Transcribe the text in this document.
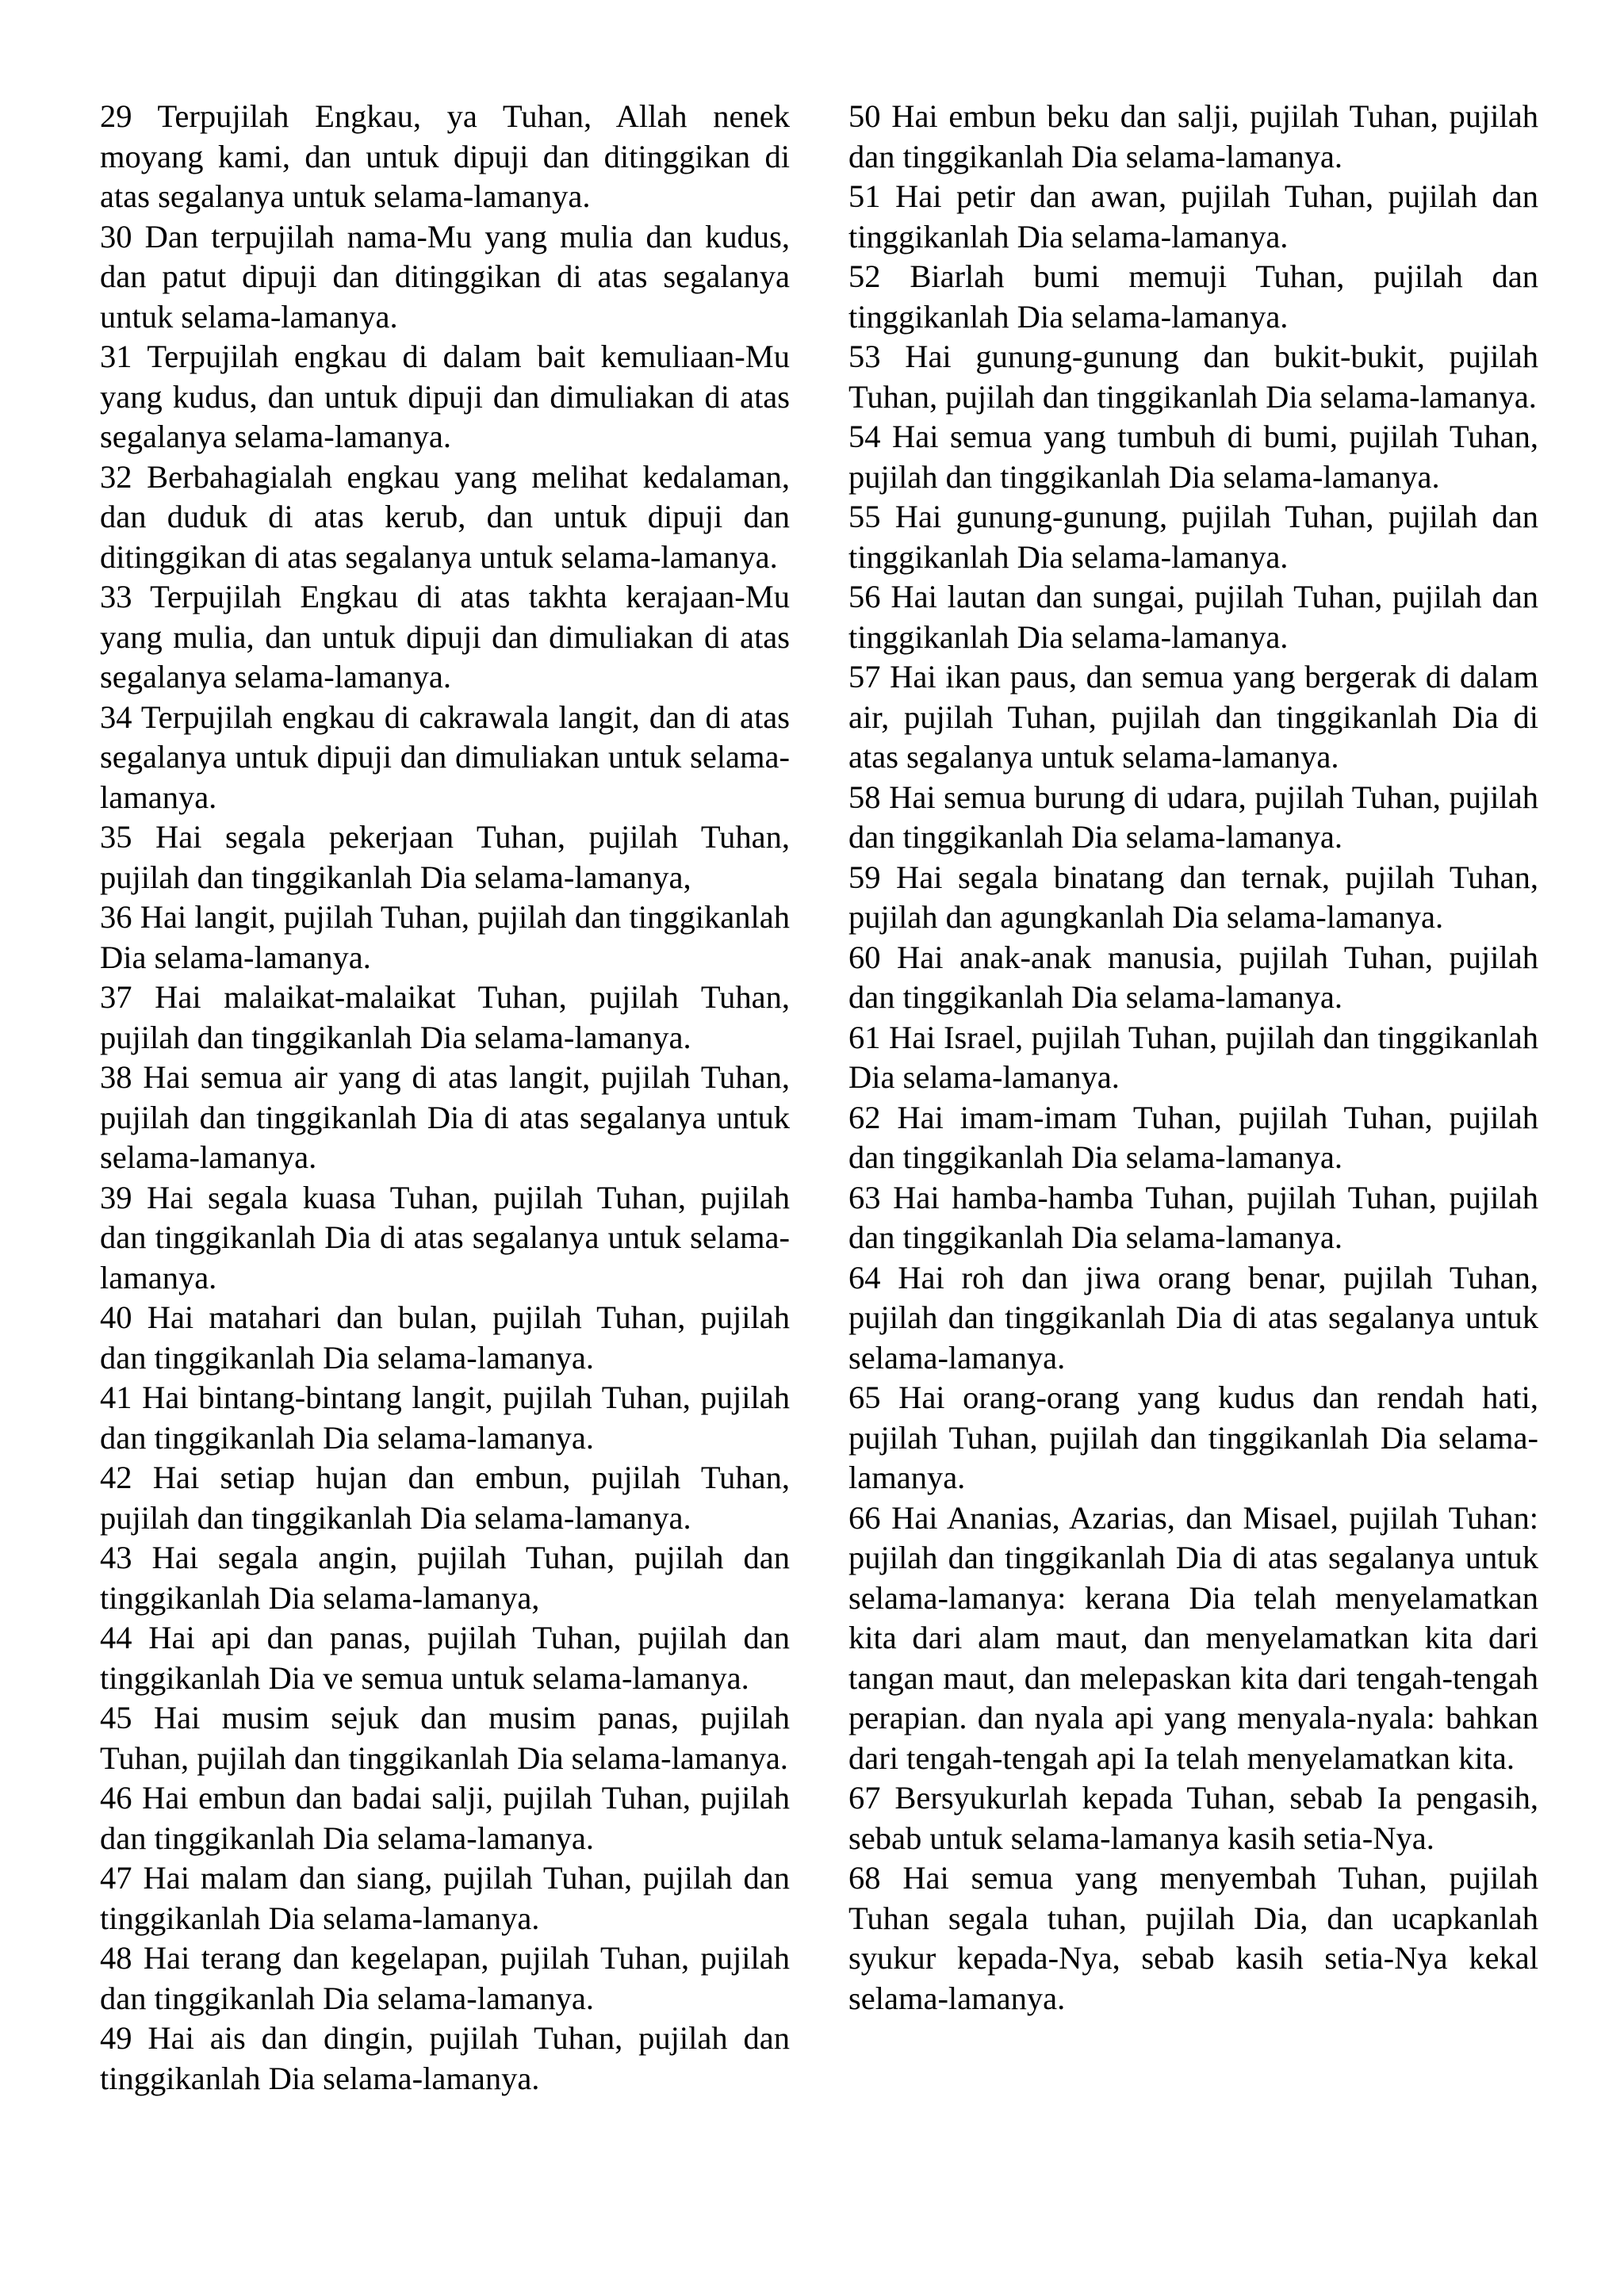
29 Terpujilah Engkau, ya Tuhan, Allah nenek moyang kami, dan untuk dipuji dan ditinggikan di atas segalanya untuk selama-lamanya.

30 Dan terpujilah nama-Mu yang mulia dan kudus, dan patut dipuji dan ditinggikan di atas segalanya untuk selama-lamanya.

31 Terpujilah engkau di dalam bait kemuliaan-Mu yang kudus, dan untuk dipuji dan dimuliakan di atas segalanya selama-lamanya.

32 Berbahagialah engkau yang melihat kedalaman, dan duduk di atas kerub, dan untuk dipuji dan ditinggikan di atas segalanya untuk selama-lamanya.

33 Terpujilah Engkau di atas takhta kerajaan-Mu yang mulia, dan untuk dipuji dan dimuliakan di atas segalanya selama-lamanya.

34 Terpujilah engkau di cakrawala langit, dan di atas segalanya untuk dipuji dan dimuliakan untuk selama-lamanya.

35 Hai segala pekerjaan Tuhan, pujilah Tuhan, pujilah dan tinggikanlah Dia selama-lamanya,

36 Hai langit, pujilah Tuhan, pujilah dan tinggikanlah Dia selama-lamanya.

37 Hai malaikat-malaikat Tuhan, pujilah Tuhan, pujilah dan tinggikanlah Dia selama-lamanya.

38 Hai semua air yang di atas langit, pujilah Tuhan, pujilah dan tinggikanlah Dia di atas segalanya untuk selama-lamanya.

39 Hai segala kuasa Tuhan, pujilah Tuhan, pujilah dan tinggikanlah Dia di atas segalanya untuk selama-lamanya.

40 Hai matahari dan bulan, pujilah Tuhan, pujilah dan tinggikanlah Dia selama-lamanya.

41 Hai bintang-bintang langit, pujilah Tuhan, pujilah dan tinggikanlah Dia selama-lamanya.

42 Hai setiap hujan dan embun, pujilah Tuhan, pujilah dan tinggikanlah Dia selama-lamanya.

43 Hai segala angin, pujilah Tuhan, pujilah dan tinggikanlah Dia selama-lamanya,

44 Hai api dan panas, pujilah Tuhan, pujilah dan tinggikanlah Dia ve semua untuk selama-lamanya.

45 Hai musim sejuk dan musim panas, pujilah Tuhan, pujilah dan tinggikanlah Dia selama-lamanya.

46 Hai embun dan badai salji, pujilah Tuhan, pujilah dan tinggikanlah Dia selama-lamanya.

47 Hai malam dan siang, pujilah Tuhan, pujilah dan tinggikanlah Dia selama-lamanya.

48 Hai terang dan kegelapan, pujilah Tuhan, pujilah dan tinggikanlah Dia selama-lamanya.

49 Hai ais dan dingin, pujilah Tuhan, pujilah dan tinggikanlah Dia selama-lamanya.

50 Hai embun beku dan salji, pujilah Tuhan, pujilah dan tinggikanlah Dia selama-lamanya.

51 Hai petir dan awan, pujilah Tuhan, pujilah dan tinggikanlah Dia selama-lamanya.

52 Biarlah bumi memuji Tuhan, pujilah dan tinggikanlah Dia selama-lamanya.

53 Hai gunung-gunung dan bukit-bukit, pujilah Tuhan, pujilah dan tinggikanlah Dia selama-lamanya.

54 Hai semua yang tumbuh di bumi, pujilah Tuhan, pujilah dan tinggikanlah Dia selama-lamanya.

55 Hai gunung-gunung, pujilah Tuhan, pujilah dan tinggikanlah Dia selama-lamanya.

56 Hai lautan dan sungai, pujilah Tuhan, pujilah dan tinggikanlah Dia selama-lamanya.

57 Hai ikan paus, dan semua yang bergerak di dalam air, pujilah Tuhan, pujilah dan tinggikanlah Dia di atas segalanya untuk selama-lamanya.

58 Hai semua burung di udara, pujilah Tuhan, pujilah dan tinggikanlah Dia selama-lamanya.

59 Hai segala binatang dan ternak, pujilah Tuhan, pujilah dan agungkanlah Dia selama-lamanya.

60 Hai anak-anak manusia, pujilah Tuhan, pujilah dan tinggikanlah Dia selama-lamanya.

61 Hai Israel, pujilah Tuhan, pujilah dan tinggikanlah Dia selama-lamanya.

62 Hai imam-imam Tuhan, pujilah Tuhan, pujilah dan tinggikanlah Dia selama-lamanya.

63 Hai hamba-hamba Tuhan, pujilah Tuhan, pujilah dan tinggikanlah Dia selama-lamanya.

64 Hai roh dan jiwa orang benar, pujilah Tuhan, pujilah dan tinggikanlah Dia di atas segalanya untuk selama-lamanya.

65 Hai orang-orang yang kudus dan rendah hati, pujilah Tuhan, pujilah dan tinggikanlah Dia selama-lamanya.

66 Hai Ananias, Azarias, dan Misael, pujilah Tuhan: pujilah dan tinggikanlah Dia di atas segalanya untuk selama-lamanya: kerana Dia telah menyelamatkan kita dari alam maut, dan menyelamatkan kita dari tangan maut, dan melepaskan kita dari tengah-tengah perapian. dan nyala api yang menyala-nyala: bahkan dari tengah-tengah api Ia telah menyelamatkan kita.

67 Bersyukurlah kepada Tuhan, sebab Ia pengasih, sebab untuk selama-lamanya kasih setia-Nya.

68 Hai semua yang menyembah Tuhan, pujilah Tuhan segala tuhan, pujilah Dia, dan ucapkanlah syukur kepada-Nya, sebab kasih setia-Nya kekal selama-lamanya.
